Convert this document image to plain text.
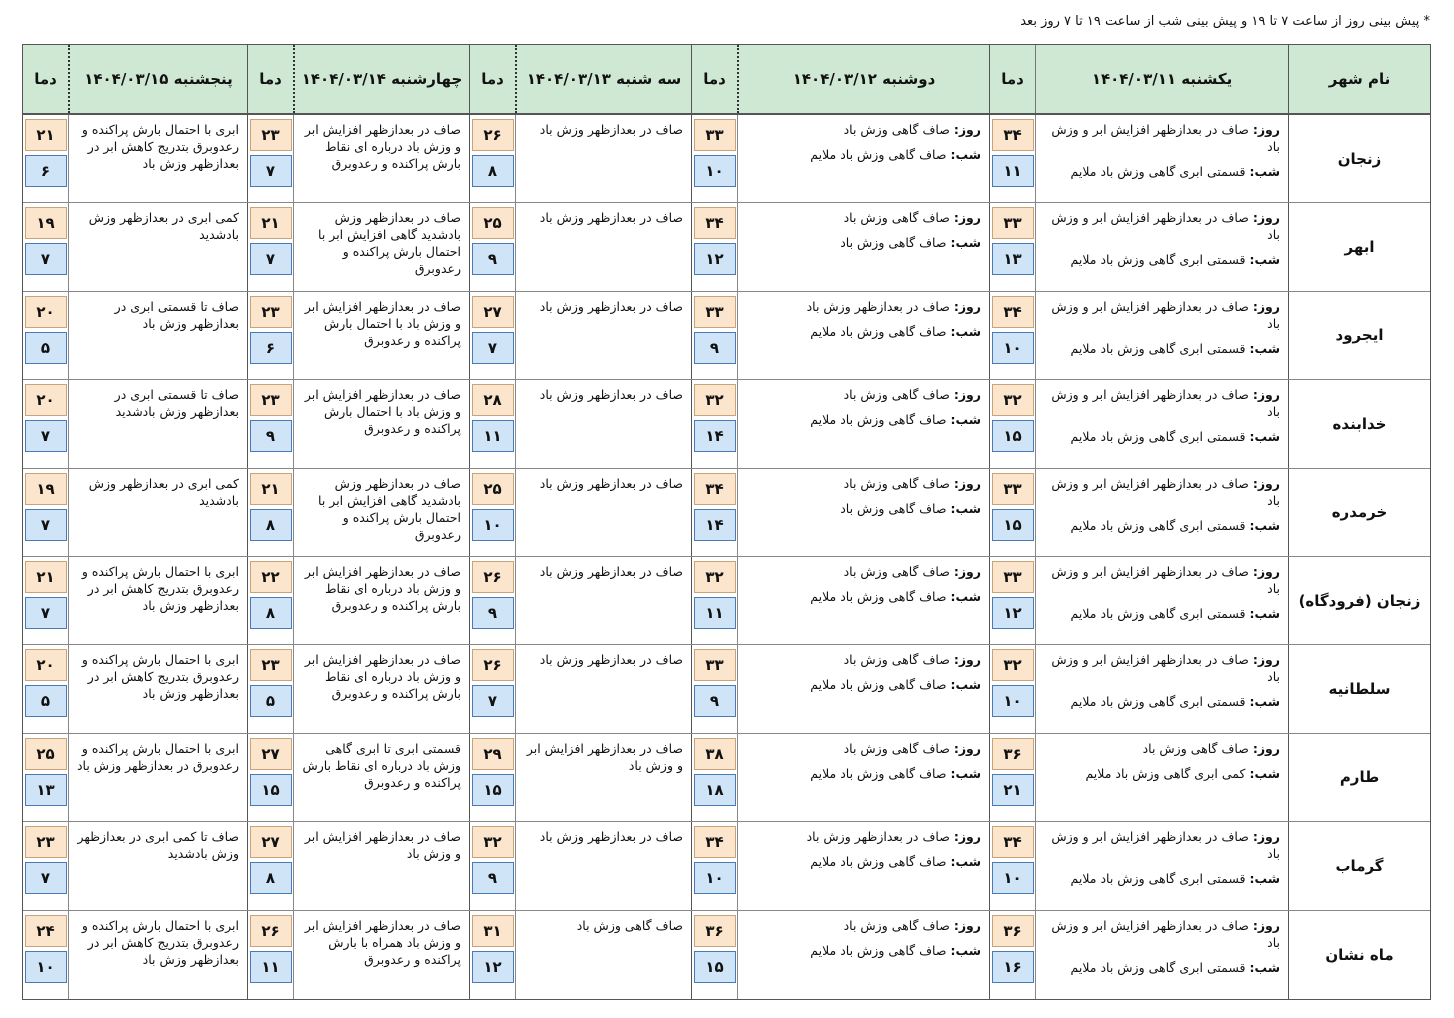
* پیش بینی روز از ساعت ۷ تا ۱۹ و پیش بینی شب از ساعت ۱۹ تا ۷ روز بعد
نام شهر
یکشنبه ۱۴۰۴/۰۳/۱۱
دما
دوشنبه ۱۴۰۴/۰۳/۱۲
دما
سه شنبه ۱۴۰۴/۰۳/۱۳
دما
چهارشنبه ۱۴۰۴/۰۳/۱۴
دما
پنجشنبه ۱۴۰۴/۰۳/۱۵
دما
زنجان

روز: صاف در بعدازظهر افزایش ابر و وزش باد

شب: قسمتی ابری گاهی وزش باد ملایم

۳۴
۱۱

روز: صاف گاهی وزش باد

شب: صاف گاهی وزش باد ملایم

۳۳
۱۰
صاف در بعدازظهر وزش باد
۲۶
۸
صاف در بعدازظهر افزایش ابر و وزش باد درباره ای نقاط بارش پراکنده و رعدوبرق
۲۳
۷
ابری با احتمال بارش پراکنده و رعدوبرق بتدریج کاهش ابر در بعدازظهر وزش باد
۲۱
۶
ابهر

روز: صاف در بعدازظهر افزایش ابر و وزش باد

شب: قسمتی ابری گاهی وزش باد ملایم

۳۳
۱۳

روز: صاف گاهی وزش باد

شب: صاف گاهی وزش باد

۳۴
۱۲
صاف در بعدازظهر وزش باد
۲۵
۹
صاف در بعدازظهر وزش بادشدید گاهی افزایش ابر با احتمال بارش پراکنده و رعدوبرق
۲۱
۷
کمی ابری در بعدازظهر وزش بادشدید
۱۹
۷
ایجرود

روز: صاف در بعدازظهر افزایش ابر و وزش باد

شب: قسمتی ابری گاهی وزش باد ملایم

۳۴
۱۰

روز: صاف در بعدازظهر وزش باد

شب: صاف گاهی وزش باد ملایم

۳۳
۹
صاف در بعدازظهر وزش باد
۲۷
۷
صاف در بعدازظهر افزایش ابر و وزش باد با احتمال بارش پراکنده و رعدوبرق
۲۳
۶
صاف تا قسمتی ابری در بعدازظهر وزش باد
۲۰
۵
خدابنده

روز: صاف در بعدازظهر افزایش ابر و وزش باد

شب: قسمتی ابری گاهی وزش باد ملایم

۳۲
۱۵

روز: صاف گاهی وزش باد

شب: صاف گاهی وزش باد ملایم

۳۲
۱۴
صاف در بعدازظهر وزش باد
۲۸
۱۱
صاف در بعدازظهر افزایش ابر و وزش باد با احتمال بارش پراکنده و رعدوبرق
۲۳
۹
صاف تا قسمتی ابری در بعدازظهر وزش بادشدید
۲۰
۷
خرمدره

روز: صاف در بعدازظهر افزایش ابر و وزش باد

شب: قسمتی ابری گاهی وزش باد ملایم

۳۳
۱۵

روز: صاف گاهی وزش باد

شب: صاف گاهی وزش باد

۳۴
۱۴
صاف در بعدازظهر وزش باد
۲۵
۱۰
صاف در بعدازظهر وزش بادشدید گاهی افزایش ابر با احتمال بارش پراکنده و رعدوبرق
۲۱
۸
کمی ابری در بعدازظهر وزش بادشدید
۱۹
۷
زنجان (فرودگاه)

روز: صاف در بعدازظهر افزایش ابر و وزش باد

شب: قسمتی ابری گاهی وزش باد ملایم

۳۳
۱۲

روز: صاف گاهی وزش باد

شب: صاف گاهی وزش باد ملایم

۳۲
۱۱
صاف در بعدازظهر وزش باد
۲۶
۹
صاف در بعدازظهر افزایش ابر و وزش باد درباره ای نقاط بارش پراکنده و رعدوبرق
۲۲
۸
ابری با احتمال بارش پراکنده و رعدوبرق بتدریج کاهش ابر در بعدازظهر وزش باد
۲۱
۷
سلطانیه

روز: صاف در بعدازظهر افزایش ابر و وزش باد

شب: قسمتی ابری گاهی وزش باد ملایم

۳۲
۱۰

روز: صاف گاهی وزش باد

شب: صاف گاهی وزش باد ملایم

۳۳
۹
صاف در بعدازظهر وزش باد
۲۶
۷
صاف در بعدازظهر افزایش ابر و وزش باد درباره ای نقاط بارش پراکنده و رعدوبرق
۲۳
۵
ابری با احتمال بارش پراکنده و رعدوبرق بتدریج کاهش ابر در بعدازظهر وزش باد
۲۰
۵
طارم

روز: صاف گاهی وزش باد

شب: کمی ابری گاهی وزش باد ملایم

۳۶
۲۱

روز: صاف گاهی وزش باد

شب: صاف گاهی وزش باد ملایم

۳۸
۱۸
صاف در بعدازظهر افزایش ابر و وزش باد
۲۹
۱۵
قسمتی ابری تا ابری گاهی وزش باد درباره ای نقاط بارش پراکنده و رعدوبرق
۲۷
۱۵
ابری با احتمال بارش پراکنده و رعدوبرق در بعدازظهر وزش باد
۲۵
۱۳
گرماب

روز: صاف در بعدازظهر افزایش ابر و وزش باد

شب: قسمتی ابری گاهی وزش باد ملایم

۳۴
۱۰

روز: صاف در بعدازظهر وزش باد

شب: صاف گاهی وزش باد ملایم

۳۴
۱۰
صاف در بعدازظهر وزش باد
۳۲
۹
صاف در بعدازظهر افزایش ابر و وزش باد
۲۷
۸
صاف تا کمی ابری در بعدازظهر وزش بادشدید
۲۳
۷
ماه نشان

روز: صاف در بعدازظهر افزایش ابر و وزش باد

شب: قسمتی ابری گاهی وزش باد ملایم

۳۶
۱۶

روز: صاف گاهی وزش باد

شب: صاف گاهی وزش باد ملایم

۳۶
۱۵
صاف گاهی وزش باد
۳۱
۱۲
صاف در بعدازظهر افزایش ابر و وزش باد همراه با بارش پراکنده و رعدوبرق
۲۶
۱۱
ابری با احتمال بارش پراکنده و رعدوبرق بتدریج کاهش ابر در بعدازظهر وزش باد
۲۴
۱۰
